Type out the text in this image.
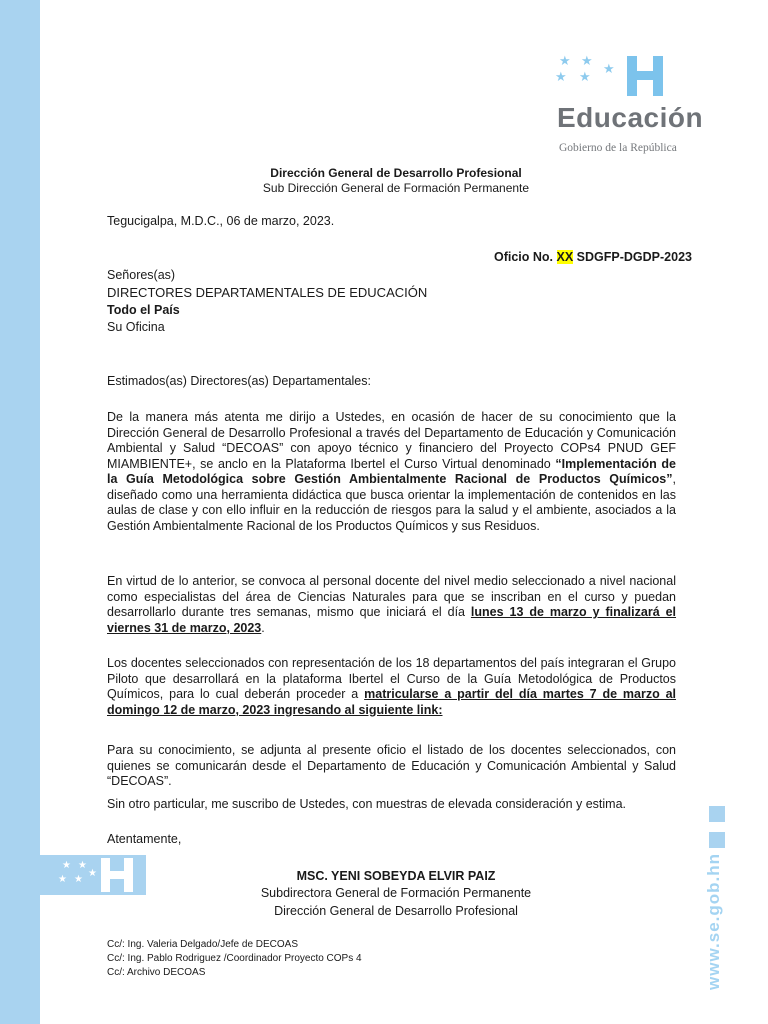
★ ★
★ ★
★
★ ★
★ ★
★
Educación
Gobierno de la República
Dirección General de Desarrollo Profesional
Sub Dirección General de Formación Permanente
Tegucigalpa, M.D.C., 06 de marzo, 2023.
Oficio No. XX SDGFP-DGDP-2023
Señores(as)
DIRECTORES DEPARTAMENTALES DE EDUCACIÓN
Todo el País
Su Oficina
Estimados(as) Directores(as) Departamentales:
De la manera más atenta me dirijo a Ustedes, en ocasión de hacer de su conocimiento que la Dirección General de Desarrollo Profesional a través del Departamento de Educación y Comunicación Ambiental y Salud “DECOAS” con apoyo técnico y financiero del Proyecto COPs4 PNUD GEF MIAMBIENTE+, se anclo en la Plataforma Ibertel el Curso Virtual denominado “Implementación de la Guía Metodológica sobre Gestión Ambientalmente Racional de Productos Químicos”, diseñado como una herramienta didáctica que busca orientar la implementación de contenidos en las aulas de clase y con ello influir en la reducción de riesgos para la salud y el ambiente, asociados a la Gestión Ambientalmente Racional de los Productos Químicos y sus Residuos.
En virtud de lo anterior, se convoca al personal docente del nivel medio seleccionado a nivel nacional como especialistas del área de Ciencias Naturales para que se inscriban en el curso y puedan desarrollarlo durante tres semanas, mismo que iniciará el día lunes 13 de marzo y finalizará el viernes 31 de marzo, 2023.
Los docentes seleccionados con representación de los 18 departamentos del país integraran el Grupo Piloto que desarrollará en la plataforma Ibertel el Curso de la Guía Metodológica de Productos Químicos, para lo cual deberán proceder a matricularse a partir del día martes 7 de marzo al domingo 12 de marzo, 2023 ingresando al siguiente link:
Para su conocimiento, se adjunta al presente oficio el listado de los docentes seleccionados, con quienes se comunicarán desde el Departamento de Educación y Comunicación Ambiental y Salud “DECOAS”.
Sin otro particular, me suscribo de Ustedes, con muestras de elevada consideración y estima.
Atentamente,
MSC. YENI SOBEYDA ELVIR PAIZ
Subdirectora General de Formación Permanente
Dirección General de Desarrollo Profesional
Cc/: Ing. Valeria Delgado/Jefe de DECOAS
Cc/: Ing. Pablo Rodriguez /Coordinador Proyecto COPs 4
Cc/: Archivo DECOAS	www.se.gob.hn
